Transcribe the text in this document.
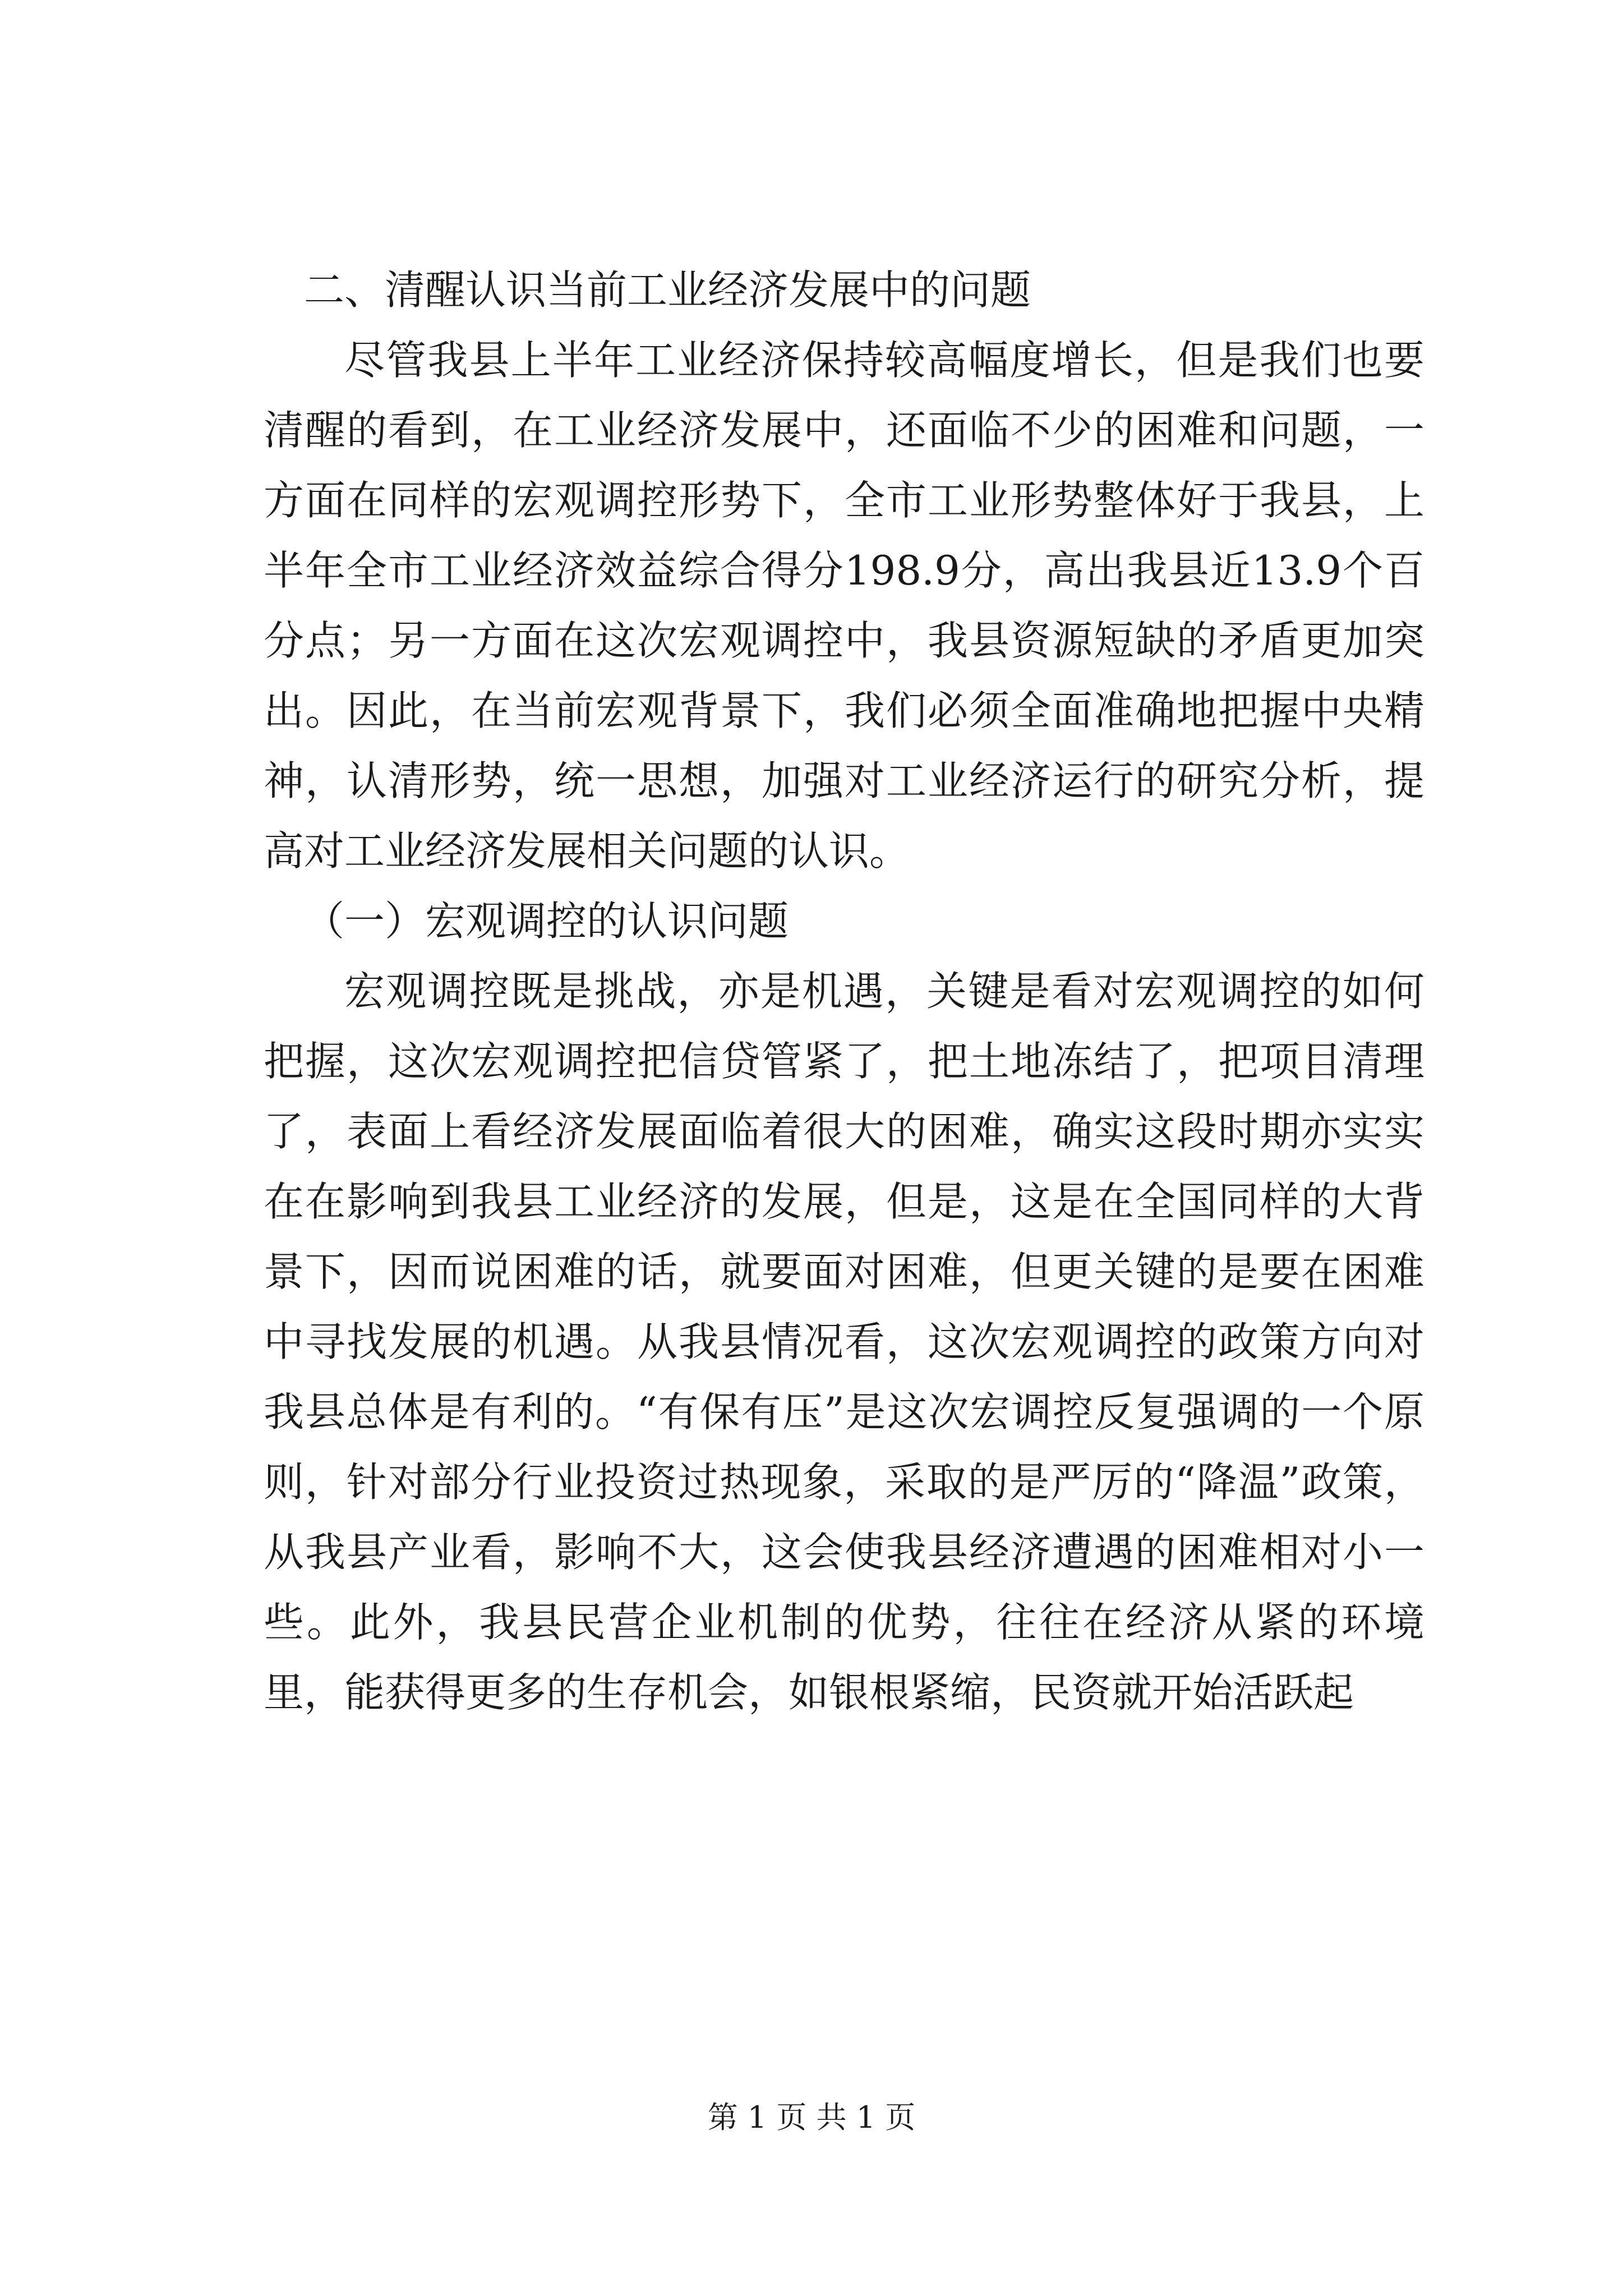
二、清醒认识当前工业经济发展中的问题

尽管我县上半年工业经济保持较高幅度增长，但是我们也要清醒的看到，在工业经济发展中，还面临不少的困难和问题，一方面在同样的宏观调控形势下，全市工业形势整体好于我县，上半年全市工业经济效益综合得分198.9分，高出我县近13.9个百分点；另一方面在这次宏观调控中，我县资源短缺的矛盾更加突出。因此，在当前宏观背景下，我们必须全面准确地把握中央精神，认清形势，统一思想，加强对工业经济运行的研究分析，提高对工业经济发展相关问题的认识。

（一）宏观调控的认识问题

宏观调控既是挑战，亦是机遇，关键是看对宏观调控的如何把握，这次宏观调控把信贷管紧了，把土地冻结了，把项目清理了，表面上看经济发展面临着很大的困难，确实这段时期亦实实在在影响到我县工业经济的发展，但是，这是在全国同样的大背景下，因而说困难的话，就要面对困难，但更关键的是要在困难中寻找发展的机遇。从我县情况看，这次宏观调控的政策方向对我县总体是有利的。“有保有压”是这次宏调控反复强调的一个原则，针对部分行业投资过热现象，采取的是严厉的“降温”政策，从我县产业看，影响不大，这会使我县经济遭遇的困难相对小一些。此外，我县民营企业机制的优势，往往在经济从紧的环境里，能获得更多的生存机会，如银根紧缩，民资就开始活跃起

第 1 页 共 1 页
